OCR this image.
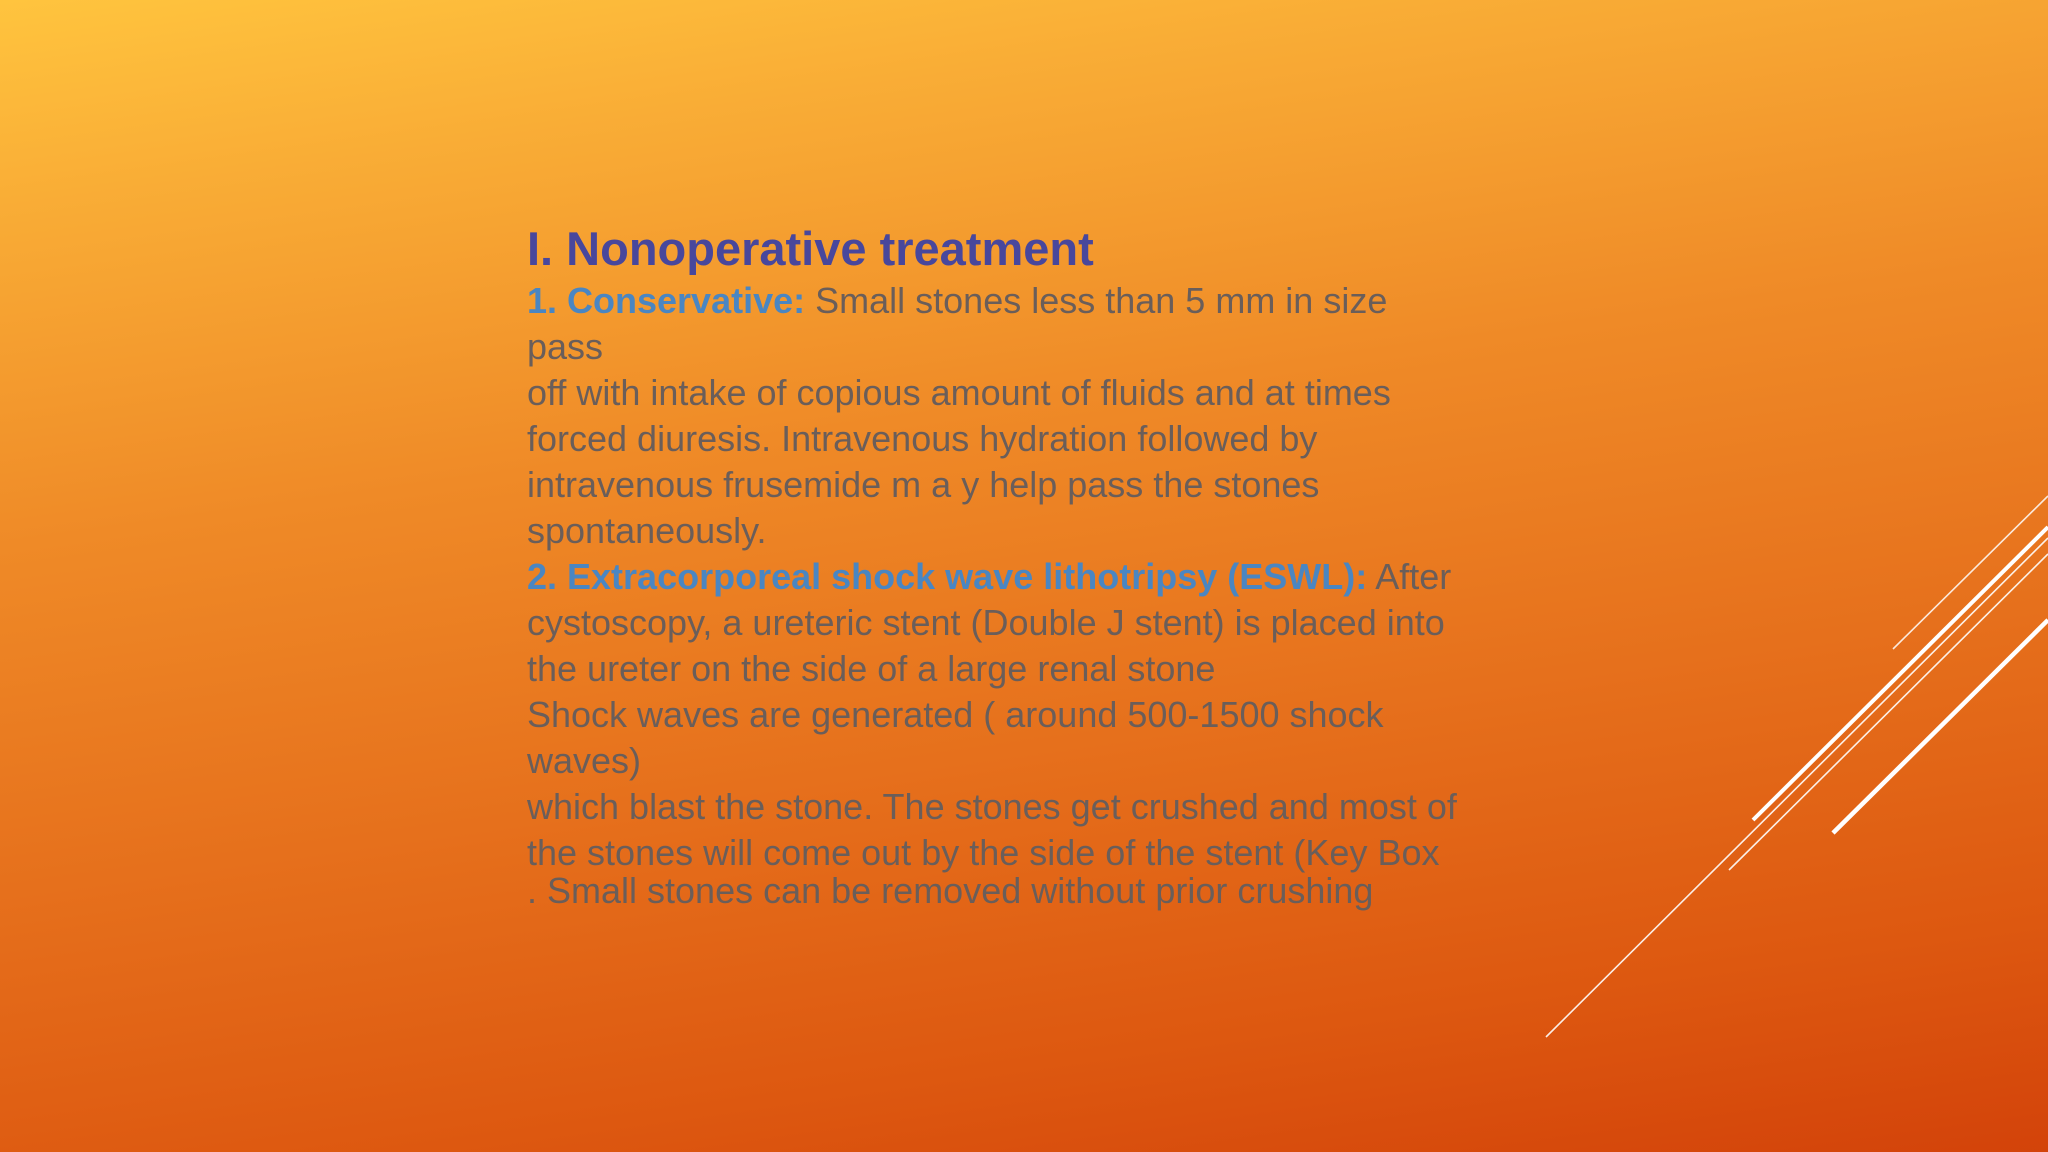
I. Nonoperative treatment
1. Conservative: Small stones less than 5 mm in size
pass
off with intake of copious amount of fluids and at times
forced diuresis. Intravenous hydration followed by
intravenous frusemide m a y help pass the stones
spontaneously.
2. Extracorporeal shock wave lithotripsy (ESWL): After
cystoscopy, a ureteric stent (Double J stent) is placed into
the ureter on the side of a large renal stone
Shock waves are generated ( around 500-1500 shock
waves)
which blast the stone. The stones get crushed and most of
the stones will come out by the side of the stent (Key Box
. Small stones can be removed without prior crushing
